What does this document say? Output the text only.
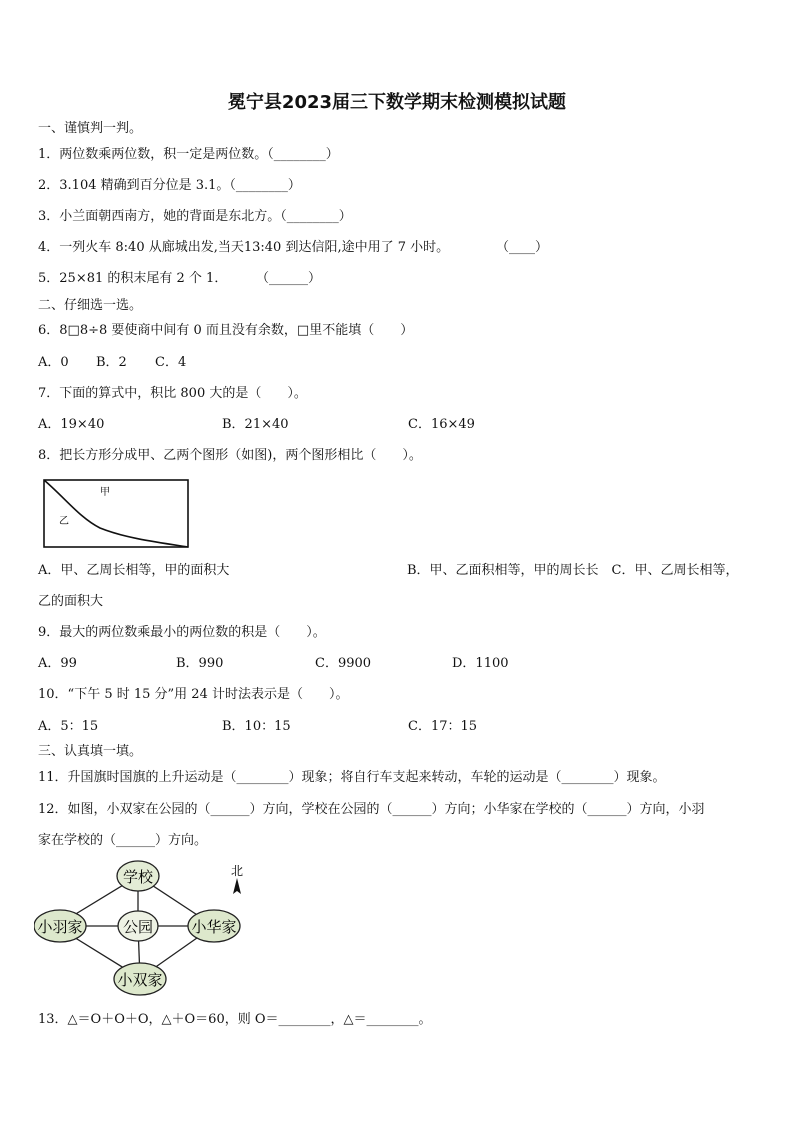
冕宁县2023届三下数学期末检测模拟试题
一、谨慎判一判。
1．两位数乘两位数，积一定是两位数。（________）
2．3.104 精确到百分位是 3.1。（________）
3．小兰面朝西南方，她的背面是东北方。（________）
4．一列火车 8:40 从廊城出发,当天13:40 到达信阳,途中用了 7 小时。	（____）
5．25×81 的积末尾有 2 个 1． （______）
二、仔细选一选。
6．8□8÷8 要使商中间有 0 而且没有余数，□里不能填（　　）
A．0 B．2 C．4
7．下面的算式中，积比 800 大的是（　　）。
A．19×40	B．21×40	C．16×49
8．把长方形分成甲、乙两个图形（如图)，两个图形相比（　　）。
甲
乙
A．甲、乙周长相等，甲的面积大	B．甲、乙面积相等，甲的周长长　C．甲、乙周长相等，
乙的面积大
9．最大的两位数乘最小的两位数的积是（　　）。
A．99	B．990	C．9900	D．1100
10．“下午 5 时 15 分”用 24 计时法表示是（　　）。
A．5：15	B．10：15	C．17：15
三、认真填一填。
11．升国旗时国旗的上升运动是（________）现象；将自行车支起来转动，车轮的运动是（________）现象。
12．如图，小双家在公园的（______）方向，学校在公园的（______）方向；小华家在学校的（______）方向，小羽
家在学校的（______）方向。
学校
公园
小羽家	小华家
小双家
北
13．△＝O＋O＋O，△＋O＝60，则 O＝________，△＝________。
